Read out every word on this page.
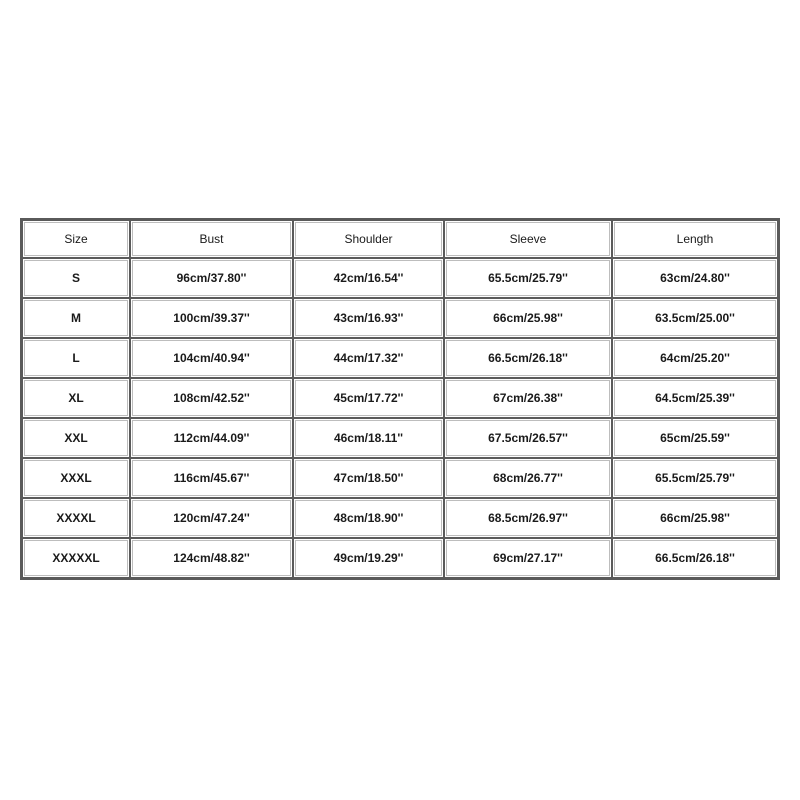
Size	Bust	Shoulder	Sleeve	Length
S	96cm/37.80''	42cm/16.54''	65.5cm/25.79''	63cm/24.80''
M	100cm/39.37''	43cm/16.93''	66cm/25.98''	63.5cm/25.00''
L	104cm/40.94''	44cm/17.32''	66.5cm/26.18''	64cm/25.20''
XL	108cm/42.52''	45cm/17.72''	67cm/26.38''	64.5cm/25.39''
XXL	112cm/44.09''	46cm/18.11''	67.5cm/26.57''	65cm/25.59''
XXXL	116cm/45.67''	47cm/18.50''	68cm/26.77''	65.5cm/25.79''
XXXXL	120cm/47.24''	48cm/18.90''	68.5cm/26.97''	66cm/25.98''
XXXXXL	124cm/48.82''	49cm/19.29''	69cm/27.17''	66.5cm/26.18''
